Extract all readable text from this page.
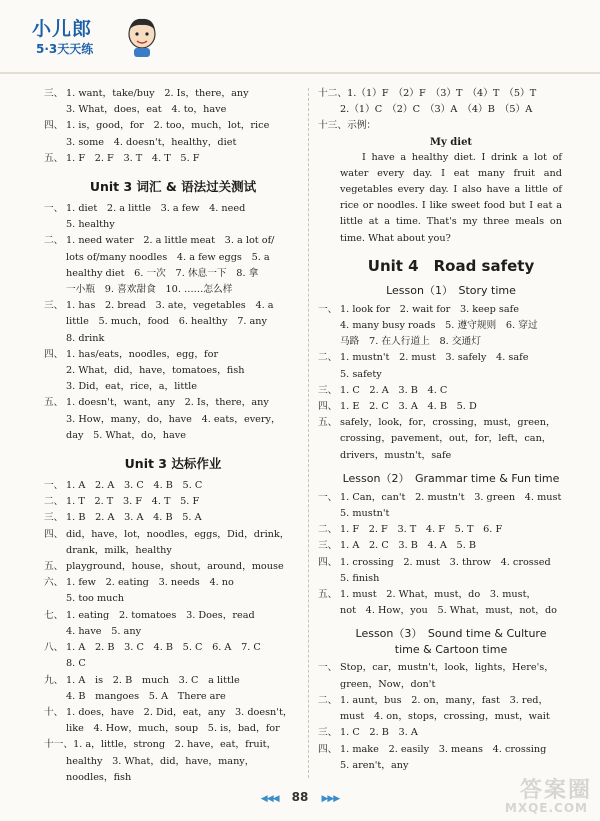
小儿郎
5·3天天练
三、 1. want，take/buy　2. Is，there，any
3. What，does，eat　4. to，have
四、 1. is，good，for　2. too，much，lot，rice
3. some　4. doesn't，healthy，diet
五、 1. F　2. F　3. T　4. T　5. F
Unit 3 词汇 & 语法过关测试
一、 1. diet　2. a little　3. a few　4. need
5. healthy
二、 1. need water　2. a little meat　3. a lot of/
lots of/many noodles　4. a few eggs　5. a
healthy diet　6. 一次　7. 休息一下　8. 拿
一小瓶　9. 喜欢甜食　10. ……怎么样
三、 1. has　2. bread　3. ate，vegetables　4. a
little　5. much，food　6. healthy　7. any
8. drink
四、 1. has/eats，noodles，egg，for
2. What，did，have，tomatoes，fish
3. Did，eat，rice，a，little
五、 1. doesn't，want，any　2. Is，there，any
3. How，many，do，have　4. eats，every，
day　5. What，do，have
Unit 3 达标作业
一、 1. A　2. A　3. C　4. B　5. C
二、 1. T　2. T　3. F　4. T　5. F
三、 1. B　2. A　3. A　4. B　5. A
四、 did，have，lot，noodles，eggs，Did，drink，
drank，milk，healthy
五、 playground，house，shout，around，mouse
六、 1. few　2. eating　3. needs　4. no
5. too much
七、 1. eating　2. tomatoes　3. Does，read
4. have　5. any
八、 1. A　2. B　3. C　4. B　5. C　6. A　7. C
8. C
九、 1. A　is　2. B　much　3. C　a little
4. B　mangoes　5. A　There are
十、 1. does，have　2. Did，eat，any　3. doesn't，
like　4. How，much，soup　5. is，bad，for
十一、1. a，little，strong　2. have，eat，fruit，
healthy　3. What，did，have，many，
noodles，fish
十二、1.（1）F　（2）F　（3）T　（4）T　（5）T
2.（1）C　（2）C　（3）A　（4）B　（5）A
十三、示例：
My diet
I have a healthy diet. I drink a lot of water every day. I eat many fruit and vegetables every day. I also have a little of rice or noodles. I like sweet food but I eat a little at a time. That's my three meals on time. What about you?
Unit 4　Road safety
Lesson（1）　Story time
一、 1. look for　2. wait for　3. keep safe
4. many busy roads　5. 遵守规则　6. 穿过
马路　7. 在人行道上　8. 交通灯
二、 1. mustn't　2. must　3. safely　4. safe
5. safety
三、 1. C　2. A　3. B　4. C
四、 1. E　2. C　3. A　4. B　5. D
五、 safely，look，for，crossing，must，green，
crossing，pavement，out，for，left，can，
drivers，mustn't，safe
Lesson（2）　Grammar time & Fun time
一、 1. Can，can't　2. mustn't　3. green　4. must
5. mustn't
二、 1. F　2. F　3. T　4. F　5. T　6. F
三、 1. A　2. C　3. B　4. A　5. B
四、 1. crossing　2. must　3. throw　4. crossed
5. finish
五、 1. must　2. What，must，do　3. must，
not　4. How，you　5. What，must，not，do
Lesson（3）　Sound time & Culture
time & Cartoon time
一、 Stop，car，mustn't，look，lights，Here's，
green，Now，don't
二、 1. aunt，bus　2. on，many，fast　3. red，
must　4. on，stops，crossing，must，wait
三、 1. C　2. B　3. A
四、 1. make　2. easily　3. means　4. crossing
5. aren't，any
◀◀◀ 88 ▶▶▶	答案圈
MXQE.COM
